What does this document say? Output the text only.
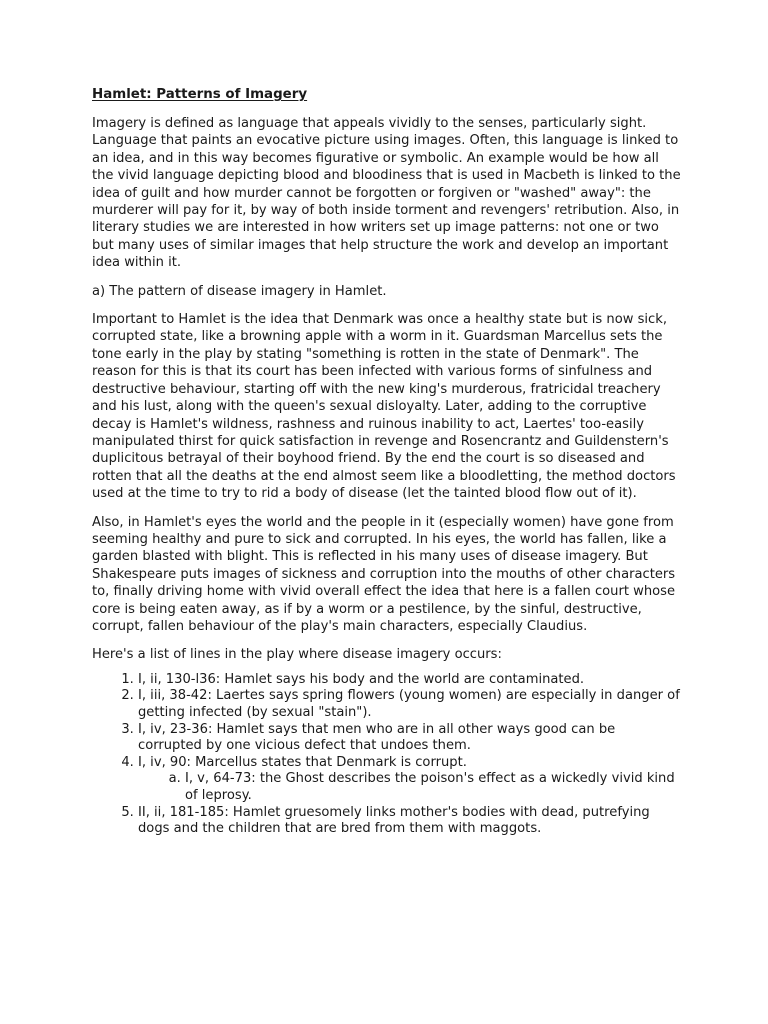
Hamlet: Patterns of Imagery

Imagery is defined as language that appeals vividly to the senses, particularly sight. Language that paints an evocative picture using images. Often, this language is linked to an idea, and in this way becomes figurative or symbolic. An example would be how all the vivid language depicting blood and bloodiness that is used in Macbeth is linked to the idea of guilt and how murder cannot be forgotten or forgiven or "washed" away": the murderer will pay for it, by way of both inside torment and revengers' retribution. Also, in literary studies we are interested in how writers set up image patterns: not one or two but many uses of similar images that help structure the work and develop an important idea within it.

a) The pattern of disease imagery in Hamlet.

Important to Hamlet is the idea that Denmark was once a healthy state but is now sick, corrupted state, like a browning apple with a worm in it. Guardsman Marcellus sets the tone early in the play by stating "something is rotten in the state of Denmark". The reason for this is that its court has been infected with various forms of sinfulness and destructive behaviour, starting off with the new king's murderous, fratricidal treachery and his lust, along with the queen's sexual disloyalty. Later, adding to the corruptive decay is Hamlet's wildness, rashness and ruinous inability to act, Laertes' too-easily manipulated thirst for quick satisfaction in revenge and Rosencrantz and Guildenstern's duplicitous betrayal of their boyhood friend. By the end the court is so diseased and rotten that all the deaths at the end almost seem like a bloodletting, the method doctors used at the time to try to rid a body of disease (let the tainted blood flow out of it).

Also, in Hamlet's eyes the world and the people in it (especially women) have gone from seeming healthy and pure to sick and corrupted. In his eyes, the world has fallen, like a garden blasted with blight. This is reflected in his many uses of disease imagery. But Shakespeare puts images of sickness and corruption into the mouths of other characters to, finally driving home with vivid overall effect the idea that here is a fallen court whose core is being eaten away, as if by a worm or a pestilence, by the sinful, destructive, corrupt, fallen behaviour of the play's main characters, especially Claudius.

Here's a list of lines in the play where disease imagery occurs:

1. I, ii, 130-l36: Hamlet says his body and the world are contaminated.
2. I, iii, 38-42: Laertes says spring flowers (young women) are especially in danger of getting infected (by sexual "stain").
3. I, iv, 23-36: Hamlet says that men who are in all other ways good can be corrupted by one vicious defect that undoes them.
4. I, iv, 90: Marcellus states that Denmark is corrupt.
a. I, v, 64-73: the Ghost describes the poison's effect as a wickedly vivid kind of leprosy.
5. II, ii, 181-185: Hamlet gruesomely links mother's bodies with dead, putrefying dogs and the children that are bred from them with maggots.
